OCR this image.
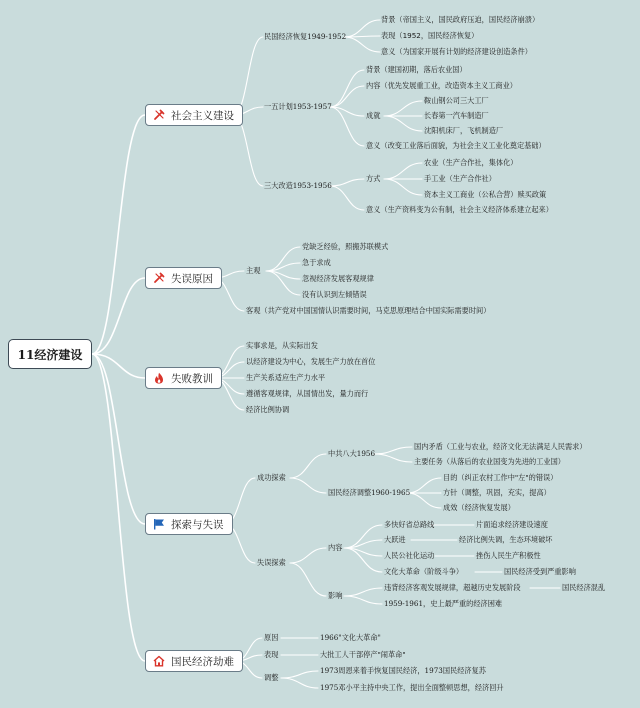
11经济建设
社会主义建设
失误原因
失败教训
探索与失误
国民经济劫难
民国经济恢复1949-1952
背景（帝国主义，国民政府压迫，国民经济崩溃）
表现（1952，国民经济恢复）
意义（为国家开展有计划的经济建设创造条件）
一五计划1953-1957
背景（建国初期，落后农业国）
内容（优先发展重工业，改造资本主义工商业）
成就
鞍山钢公司三大工厂
长春第一汽车制造厂
沈阳机床厂，飞机制造厂
意义（改变工业落后面貌，为社会主义工业化奠定基础）
三大改造1953-1956
方式
农业（生产合作社，集体化）
手工业（生产合作社）
资本主义工商业（公私合营）赎买政策
意义（生产资料变为公有制，社会主义经济体系建立起来）
主观
党缺乏经验，照搬苏联模式
急于求成
忽视经济发展客观规律
没有认识到左倾错误
客观（共产党对中国国情认识需要时间，马克思原理结合中国实际需要时间）
实事求是，从实际出发
以经济建设为中心，发展生产力放在首位
生产关系适应生产力水平
遵循客观规律，从国情出发，量力而行
经济比例协调
成功探索
中共八大1956
国内矛盾（工业与农业，经济文化无法满足人民需求）
主要任务（从落后的农业国变为先进的工业国）
国民经济调整1960-1965
目的（纠正农村工作中"左"的错误）
方针（调整，巩固，充实，提高）
成效（经济恢复发展）
失误探索
内容
多快好省总路线	片面追求经济建设速度
大跃进	经济比例失调，生态环境破坏
人民公社化运动	挫伤人民生产积极性
文化大革命（阶级斗争）	国民经济受到严重影响
影响
违背经济客观发展规律，超越历史发展阶段	国民经济混乱
1959-1961，史上最严重的经济困难
原因	1966"文化大革命"
表现	大批工人干部停产"闹革命"
调整
1973周恩来着手恢复国民经济，1973国民经济复苏
1975邓小平主持中央工作，提出全面整顿思想，经济回升
